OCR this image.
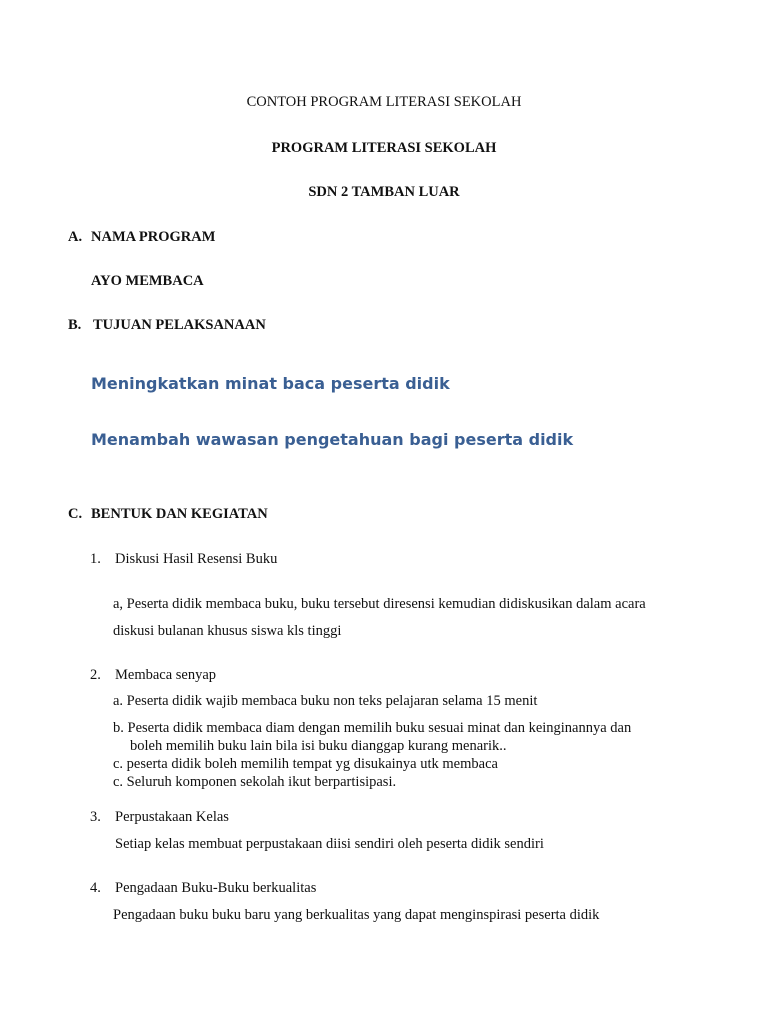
CONTOH PROGRAM LITERASI SEKOLAH
PROGRAM LITERASI SEKOLAH
SDN 2 TAMBAN LUAR
A. NAMA PROGRAM
AYO MEMBACA
B. TUJUAN PELAKSANAAN
Meningkatkan minat baca peserta didik
Menambah wawasan pengetahuan bagi peserta didik
C. BENTUK DAN KEGIATAN
1. Diskusi Hasil Resensi Buku
a, Peserta didik membaca buku, buku tersebut diresensi kemudian didiskusikan dalam acara
diskusi bulanan khusus siswa kls tinggi
2. Membaca senyap
a. Peserta didik wajib membaca buku non teks pelajaran selama 15 menit
b. Peserta didik membaca diam dengan memilih buku sesuai minat dan keinginannya dan
boleh memilih buku lain bila isi buku dianggap kurang menarik..
c. peserta didik boleh memilih tempat yg disukainya utk membaca
c. Seluruh komponen sekolah ikut berpartisipasi.
3. Perpustakaan Kelas
Setiap kelas membuat perpustakaan diisi sendiri oleh peserta didik sendiri
4. Pengadaan Buku-Buku berkualitas
Pengadaan buku buku baru yang berkualitas yang dapat menginspirasi peserta didik
